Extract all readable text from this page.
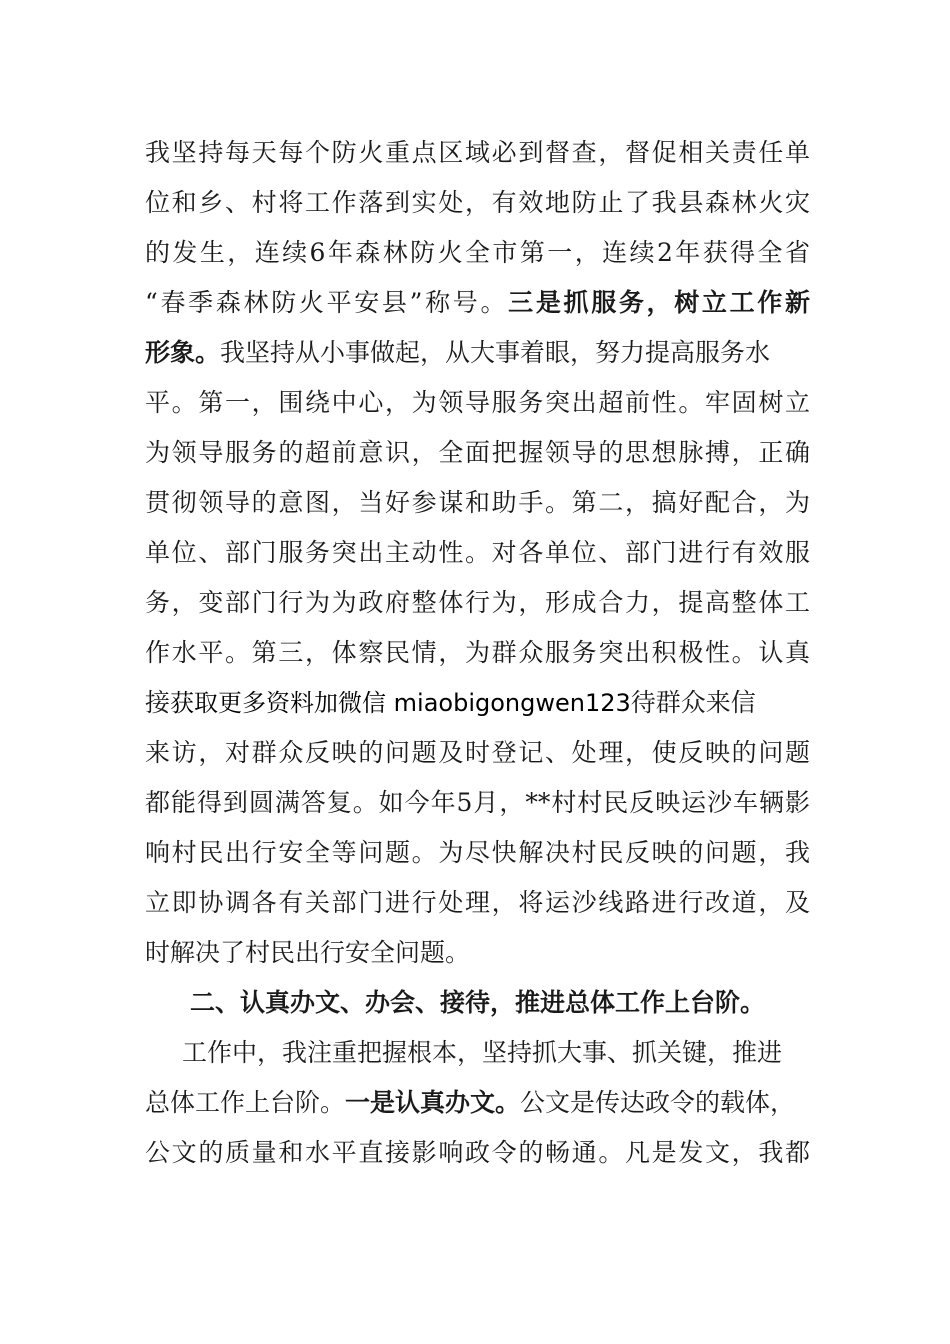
我坚持每天每个防火重点区域必到督查，督促相关责任单
位和乡、村将工作落到实处，有效地防止了我县森林火灾
的发生，连续6年森林防火全市第一，连续2年获得全省
“春季森林防火平安县”称号。三是抓服务，树立工作新
形象。我坚持从小事做起，从大事着眼，努力提高服务水
平。第一，围绕中心，为领导服务突出超前性。牢固树立
为领导服务的超前意识，全面把握领导的思想脉搏，正确
贯彻领导的意图，当好参谋和助手。第二，搞好配合，为
单位、部门服务突出主动性。对各单位、部门进行有效服
务，变部门行为为政府整体行为，形成合力，提高整体工
作水平。第三，体察民情，为群众服务突出积极性。认真
接获取更多资料加微信 miaobigongwen123待群众来信
来访，对群众反映的问题及时登记、处理，使反映的问题
都能得到圆满答复。如今年5月，**村村民反映运沙车辆影
响村民出行安全等问题。为尽快解决村民反映的问题，我
立即协调各有关部门进行处理，将运沙线路进行改道，及
时解决了村民出行安全问题。
二、认真办文、办会、接待，推进总体工作上台阶。
工作中，我注重把握根本，坚持抓大事、抓关键，推进
总体工作上台阶。一是认真办文。公文是传达政令的载体，
公文的质量和水平直接影响政令的畅通。凡是发文，我都
